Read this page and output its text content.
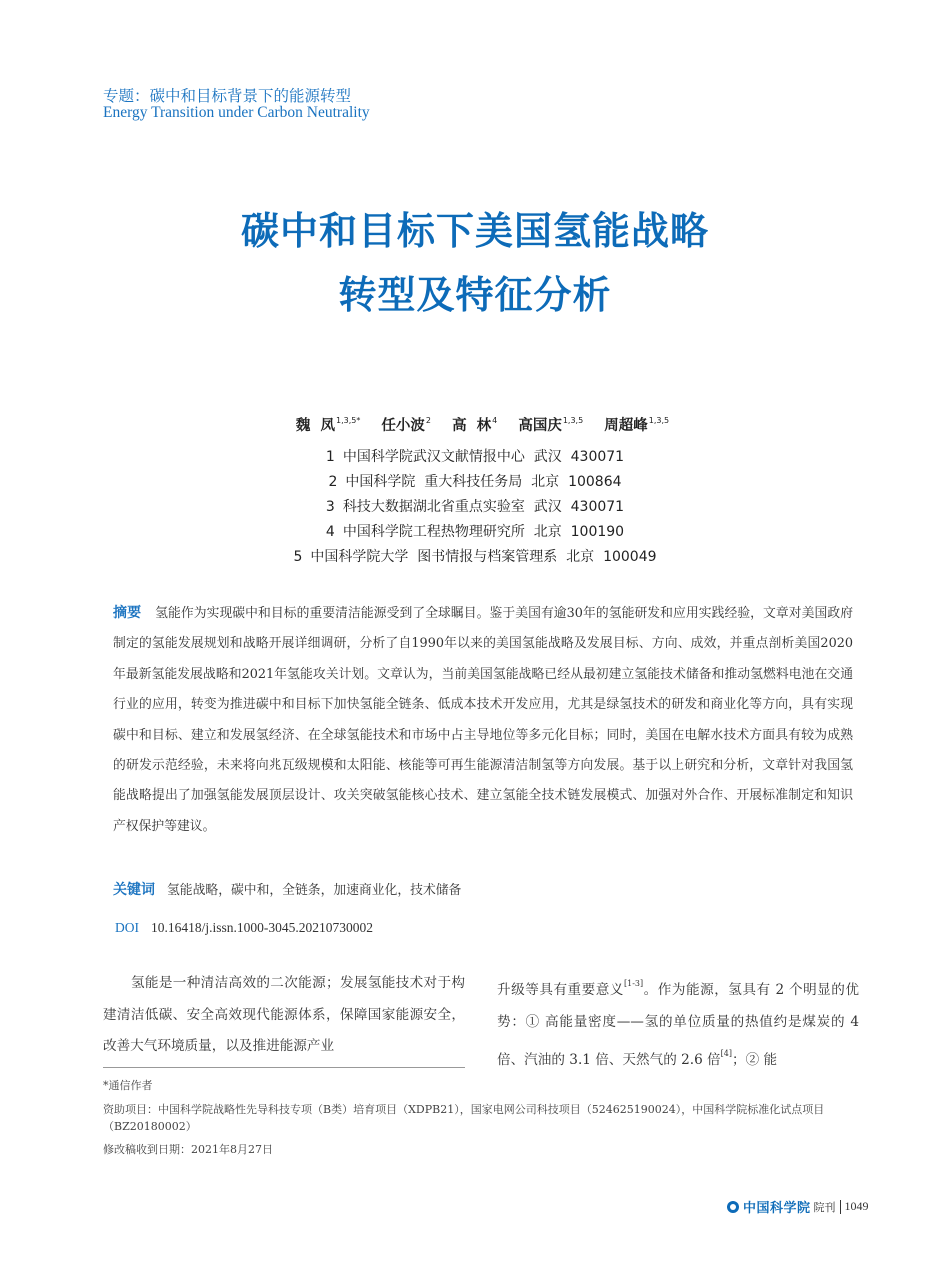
专题：碳中和目标背景下的能源转型
Energy Transition under Carbon Neutrality
碳中和目标下美国氢能战略
转型及特征分析
魏  凤$^{1,3,5*}$ 任小波$^2$ 高  林$^4$ 高国庆$^{1,3,5}$ 周超峰$^{1,3,5}$
1 中国科学院武汉文献情报中心  武汉  430071
2 中国科学院  重大科技任务局  北京  100864
3 科技大数据湖北省重点实验室  武汉  430071
4 中国科学院工程热物理研究所  北京  100190
5 中国科学院大学  图书情报与档案管理系  北京  100049
摘要 氢能作为实现碳中和目标的重要清洁能源受到了全球瞩目。鉴于美国有逾30年的氢能研发和应用实践经验，文章对美国政府制定的氢能发展规划和战略开展详细调研，分析了自1990年以来的美国氢能战略及发展目标、方向、成效，并重点剖析美国2020年最新氢能发展战略和2021年氢能攻关计划。文章认为，当前美国氢能战略已经从最初建立氢能技术储备和推动氢燃料电池在交通行业的应用，转变为推进碳中和目标下加快氢能全链条、低成本技术开发应用，尤其是绿氢技术的研发和商业化等方向，具有实现碳中和目标、建立和发展氢经济、在全球氢能技术和市场中占主导地位等多元化目标；同时，美国在电解水技术方面具有较为成熟的研发示范经验，未来将向兆瓦级规模和太阳能、核能等可再生能源清洁制氢等方向发展。基于以上研究和分析，文章针对我国氢能战略提出了加强氢能发展顶层设计、攻关突破氢能核心技术、建立氢能全技术链发展模式、加强对外合作、开展标准制定和知识产权保护等建议。
关键词 氢能战略，碳中和，全链条，加速商业化，技术储备
DOI 10.16418/j.issn.1000-3045.20210730002
氢能是一种清洁高效的二次能源；发展氢能技术对于构建清洁低碳、安全高效现代能源体系，保障国家能源安全，改善大气环境质量，以及推进能源产业
升级等具有重要意义[1-3]。作为能源，氢具有 2 个明显的优势：① 高能量密度——氢的单位质量的热值约是煤炭的 4 倍、汽油的 3.1 倍、天然气的 2.6 倍[4]；② 能
*通信作者
资助项目：中国科学院战略性先导科技专项（B类）培育项目（XDPB21），国家电网公司科技项目（524625190024），中国科学院标准化试点项目（BZ20180002）
修改稿收到日期：2021年8月27日
中国科学院 院刊 1049
